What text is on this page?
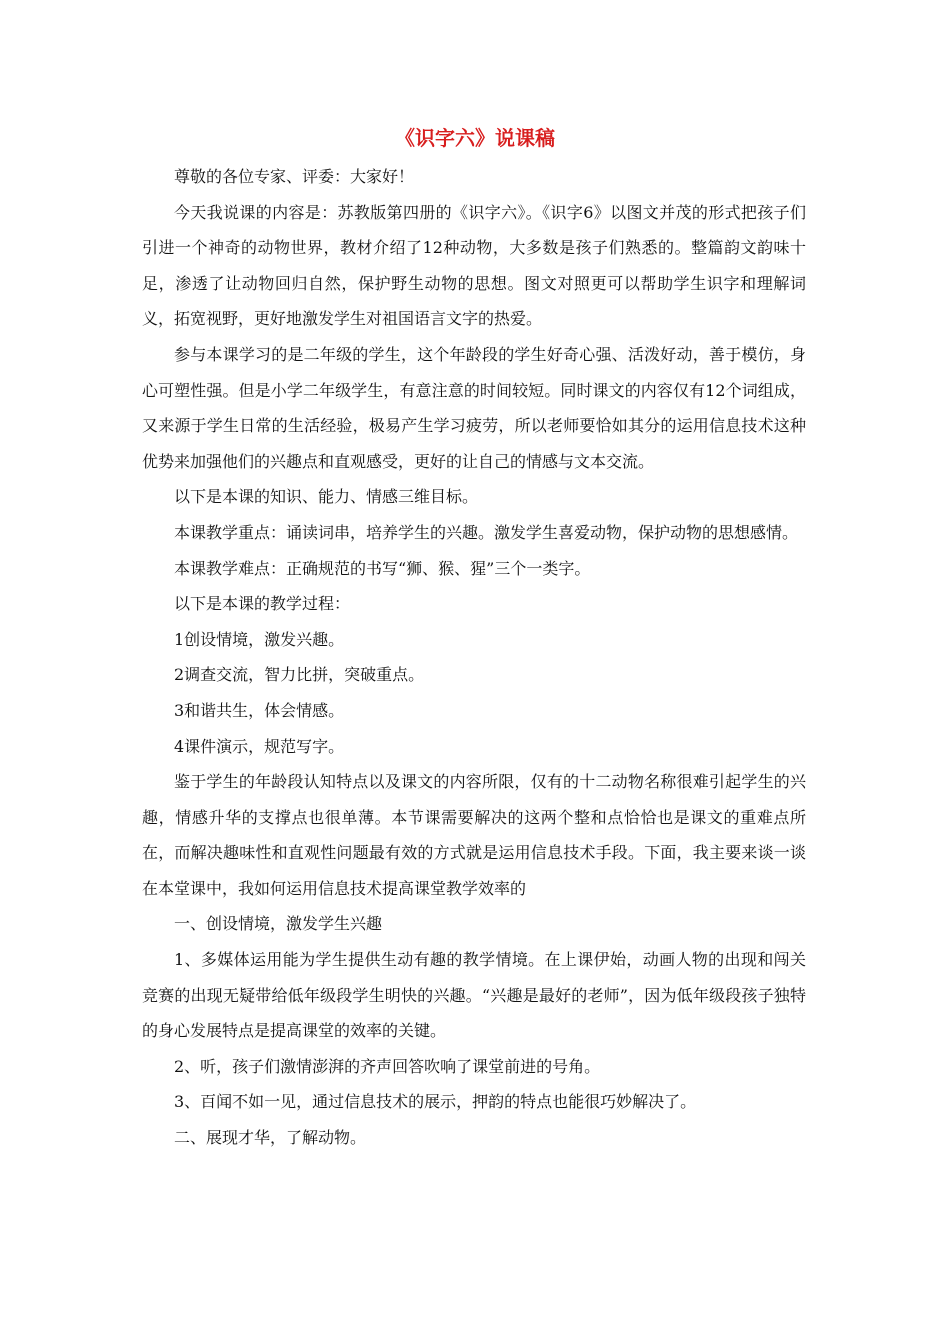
《识字六》说课稿

尊敬的各位专家、评委：大家好！

今天我说课的内容是：苏教版第四册的《识字六》。《识字6》以图文并茂的形式把孩子们引进一个神奇的动物世界，教材介绍了12种动物，大多数是孩子们熟悉的。整篇韵文韵味十足，渗透了让动物回归自然，保护野生动物的思想。图文对照更可以帮助学生识字和理解词义，拓宽视野，更好地激发学生对祖国语言文字的热爱。

参与本课学习的是二年级的学生，这个年龄段的学生好奇心强、活泼好动，善于模仿，身心可塑性强。但是小学二年级学生，有意注意的时间较短。同时课文的内容仅有12个词组成，又来源于学生日常的生活经验，极易产生学习疲劳，所以老师要恰如其分的运用信息技术这种优势来加强他们的兴趣点和直观感受，更好的让自己的情感与文本交流。

以下是本课的知识、能力、情感三维目标。

本课教学重点：诵读词串，培养学生的兴趣。激发学生喜爱动物，保护动物的思想感情。

本课教学难点：正确规范的书写“狮、猴、猩”三个一类字。

以下是本课的教学过程：

1创设情境，激发兴趣。

2调查交流，智力比拼，突破重点。

3和谐共生，体会情感。

4课件演示，规范写字。

鉴于学生的年龄段认知特点以及课文的内容所限，仅有的十二动物名称很难引起学生的兴趣，情感升华的支撑点也很单薄。本节课需要解决的这两个整和点恰恰也是课文的重难点所在，而解决趣味性和直观性问题最有效的方式就是运用信息技术手段。下面，我主要来谈一谈在本堂课中，我如何运用信息技术提高课堂教学效率的

一、创设情境，激发学生兴趣

1、多媒体运用能为学生提供生动有趣的教学情境。在上课伊始，动画人物的出现和闯关竞赛的出现无疑带给低年级段学生明快的兴趣。“兴趣是最好的老师”，因为低年级段孩子独特的身心发展特点是提高课堂的效率的关键。

2、听，孩子们激情澎湃的齐声回答吹响了课堂前进的号角。

3、百闻不如一见，通过信息技术的展示，押韵的特点也能很巧妙解决了。

二、展现才华，了解动物。
